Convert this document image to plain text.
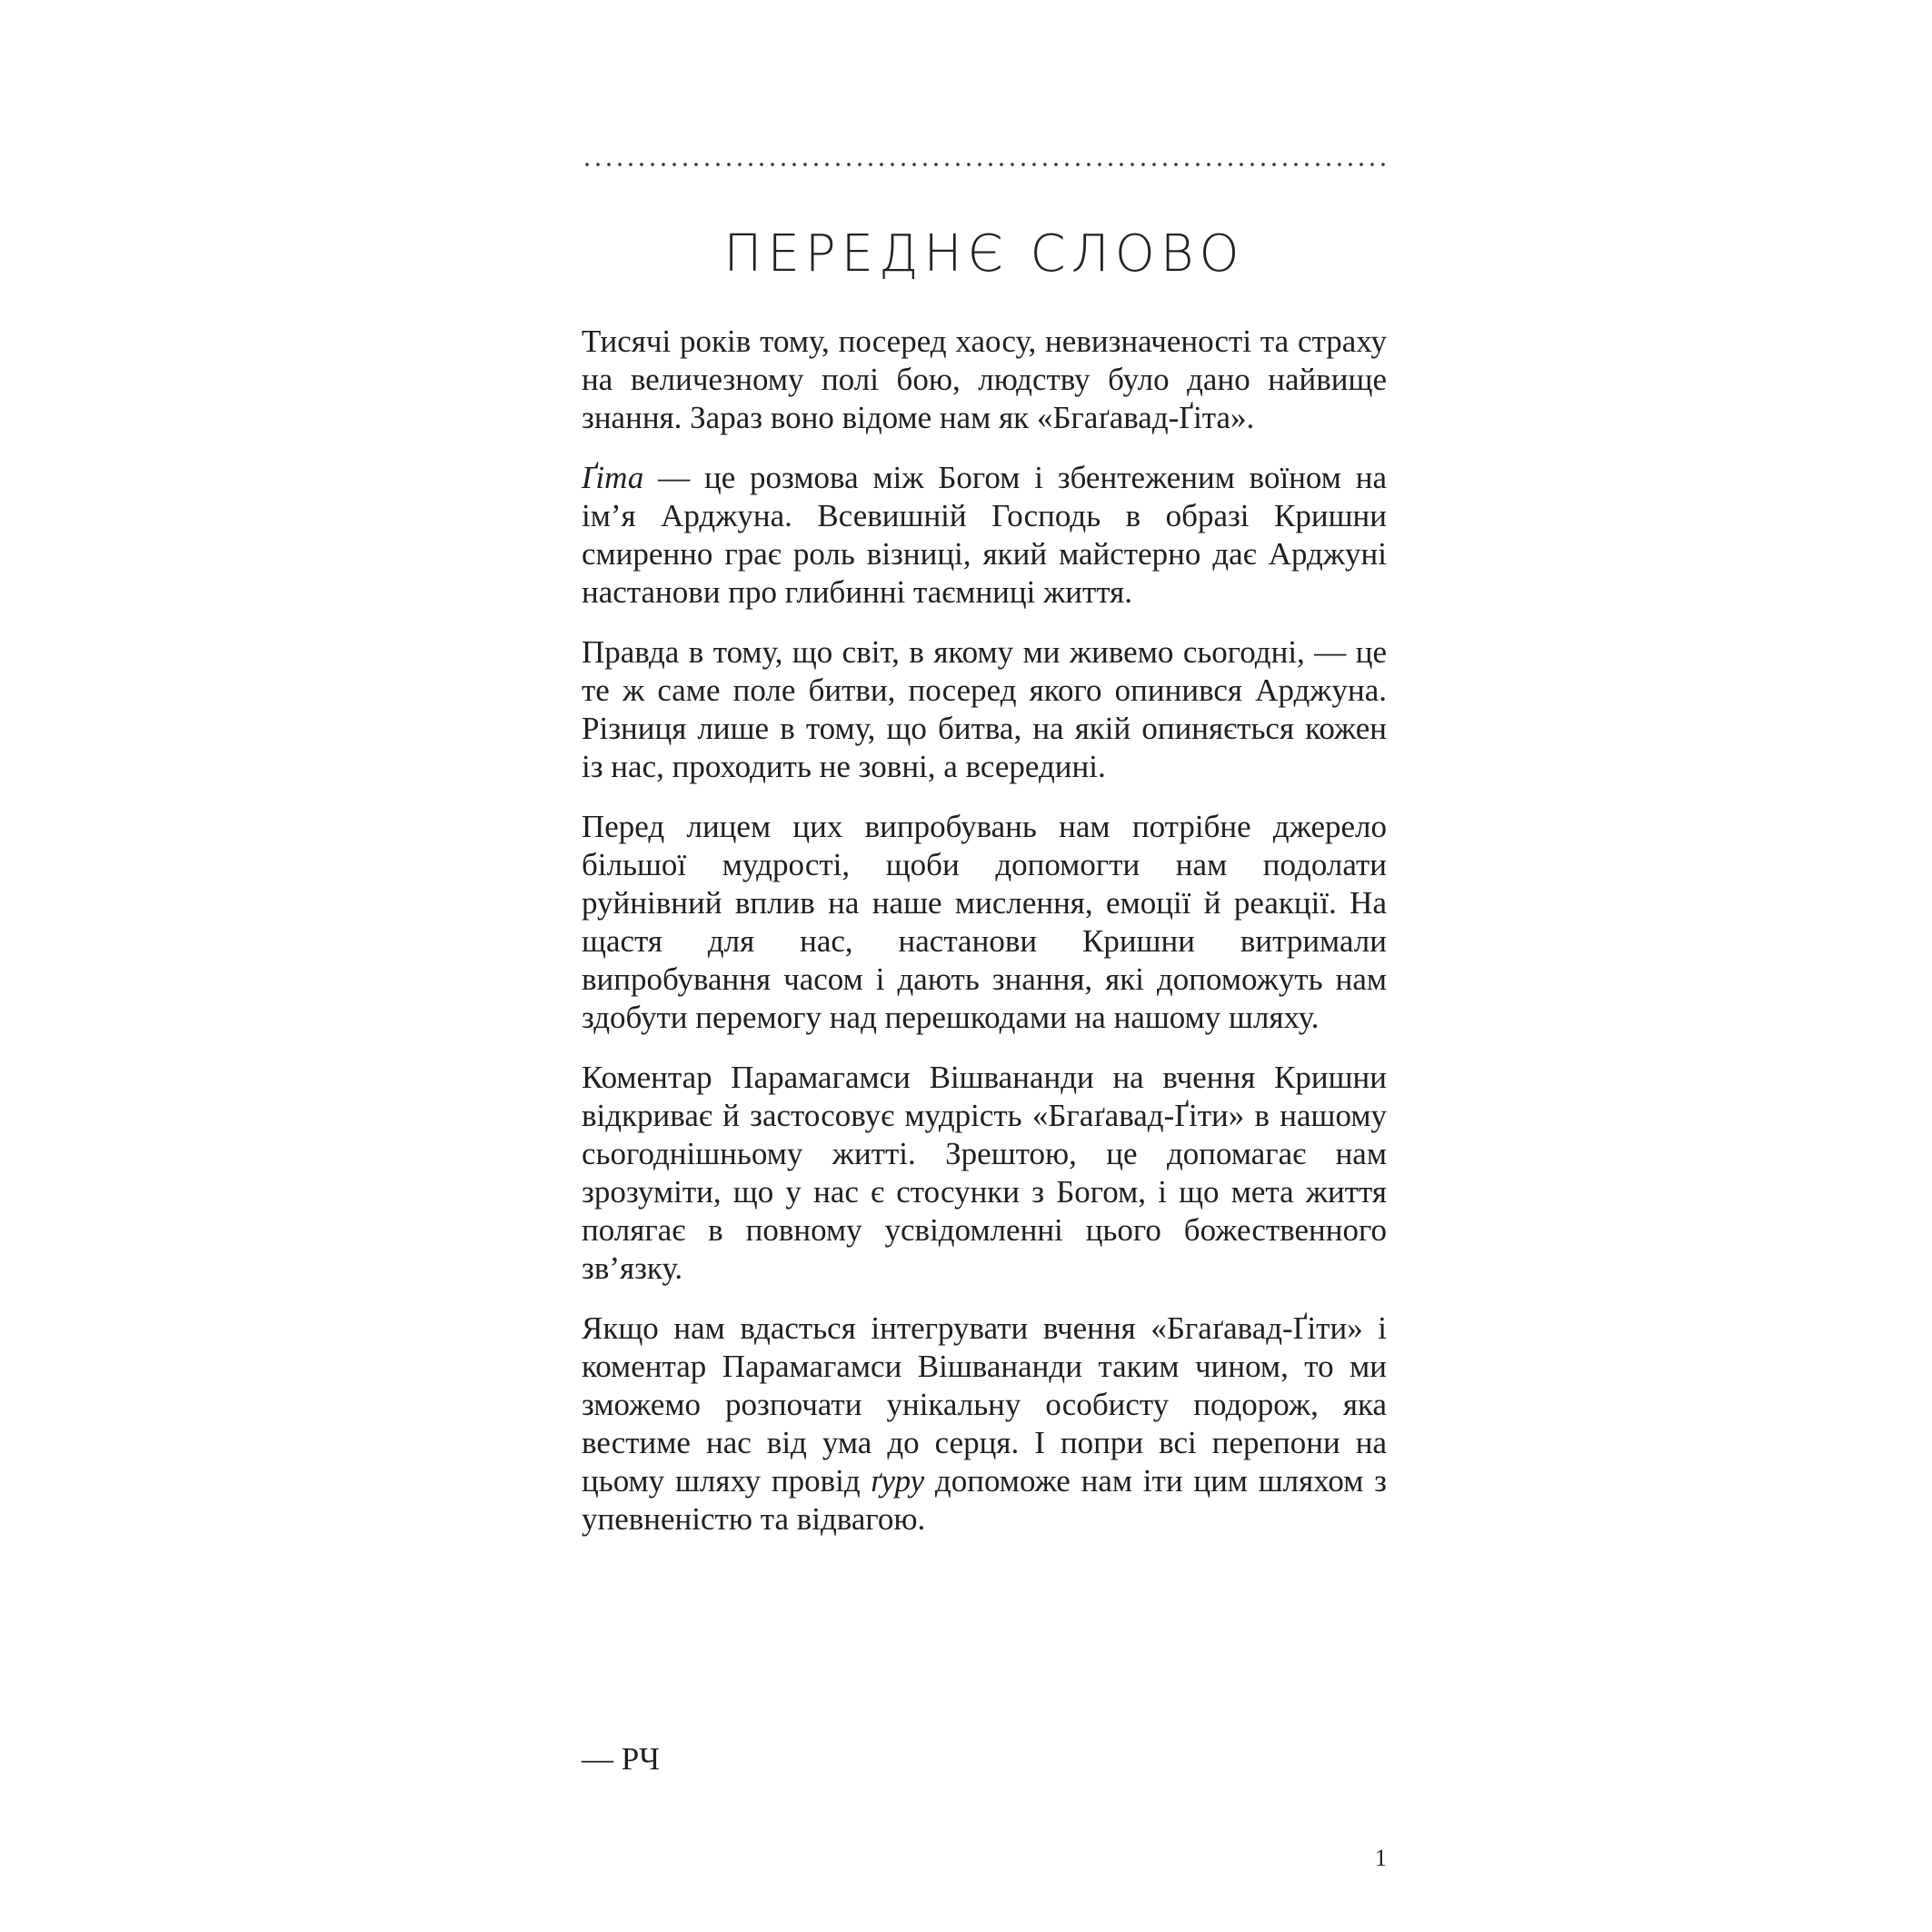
ПЕРЕДНЄ СЛОВО

Тисячі років тому, посеред хаосу, невизначеності та страху на величезному полі бою, людству було дано найвище знання. Зараз воно відоме нам як «Бгаґавад-Ґіта».

Ґіта — це розмова між Богом і збентеженим воїном на ім’я Арджуна. Всевишній Господь в образі Кришни смиренно грає роль візниці, який майстерно дає Арджуні настанови про глибинні таємниці життя.

Правда в тому, що світ, в якому ми живемо сьогодні, — це те ж саме поле битви, посеред якого опинився Арджуна. Різниця лише в тому, що битва, на якій опиняється кожен із нас, проходить не зовні, а всередині.

Перед лицем цих випробувань нам потрібне джерело більшої мудрості, щоби допомогти нам подолати руйнівний вплив на наше мислення, емоції й реакції. На щастя для нас, настанови Кришни витримали випробування часом і дають знання, які допоможуть нам здобути перемогу над перешкодами на нашому шляху.

Коментар Парамагамси Вішвананди на вчення Кришни відкриває й застосовує мудрість «Бгаґавад-Ґіти» в нашому сьогоднішньому житті. Зрештою, це допомагає нам зрозуміти, що у нас є стосунки з Богом, і що мета життя полягає в повному усвідомленні цього божественного зв’язку.

Якщо нам вдасться інтегрувати вчення «Бгаґавад-Ґіти» і коментар Парамагамси Вішвананди таким чином, то ми зможемо розпочати унікальну особисту подорож, яка вестиме нас від ума до серця. І попри всі перепони на цьому шляху провід ґуру допоможе нам іти цим шляхом з упевненістю та відвагою.

— РЧ

1
